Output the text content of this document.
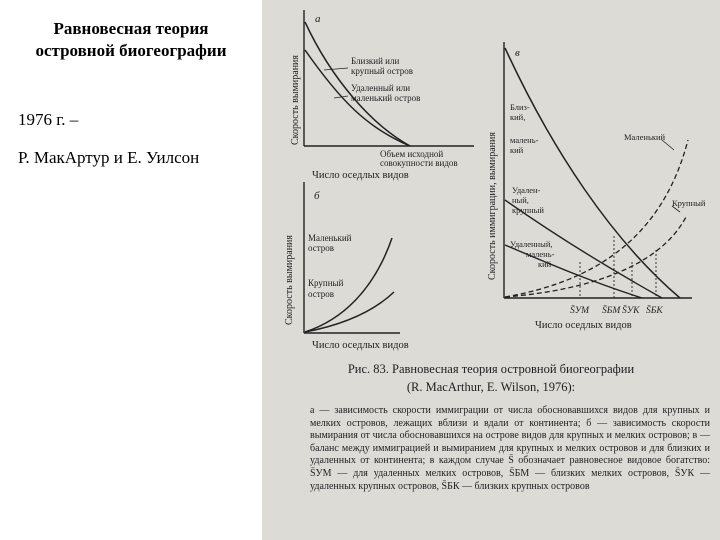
Равновесная теория
островной биогеографии
1976 г. –
Р. МакАртур и Е. Уилсон
а
Скорость вымирания
Число оседлых видов
Близкий или
крупный остров
Удаленный или
маленький остров
Объем исходной
совокупности видов
б
Скорость вымирания
Число оседлых видов
Маленький
остров
Крупный
остров
в
Скорость иммиграции, вымирания
Число оседлых видов
Близ-
кий,
малень-
кий
Удален-
ный,
крупный
Удаленный,
малень-
кий
Маленький
Крупный
S̄УМ S̄БМ S̄УК S̄БК
Рис. 83. Равновесная теория островной биогеографии
(R. MacArthur, E. Wilson, 1976):

а — зависимость скорости иммиграции от числа обосновавшихся видов для крупных и мелких островов, лежащих вблизи и вдали от континента; б — зависимость скорости вымирания от числа обосновавшихся на острове видов для крупных и мелких островов; в — баланс между иммиграцией и вымиранием для крупных и мелких островов и для близких и удаленных от континента; в каждом случае S̄ обозначает равновесное видовое богатство: S̄УМ — для удаленных мелких островов, S̄БМ — близких мелких островов, S̄УК — удаленных крупных островов, S̄БК — близких крупных островов
